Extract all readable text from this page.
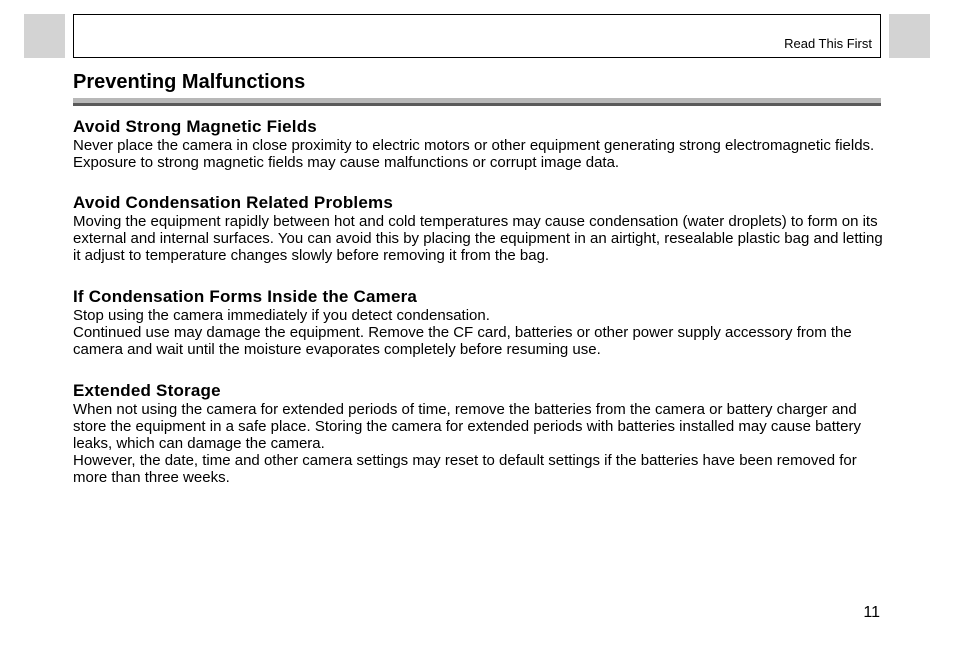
Read This First
Preventing Malfunctions
Avoid Strong Magnetic Fields

Never place the camera in close proximity to electric motors or other equipment generating strong electromagnetic fields. Exposure to strong magnetic fields may cause malfunctions or corrupt image data.

Avoid Condensation Related Problems

Moving the equipment rapidly between hot and cold temperatures may cause condensation (water droplets) to form on its external and internal surfaces. You can avoid this by placing the equipment in an airtight, resealable plastic bag and letting it adjust to temperature changes slowly before removing it from the bag.

If Condensation Forms Inside the Camera

Stop using the camera immediately if you detect condensation.

Continued use may damage the equipment. Remove the CF card, batteries or other power supply accessory from the camera and wait until the moisture evaporates completely before resuming use.

Extended Storage

When not using the camera for extended periods of time, remove the batteries from the camera or battery charger and store the equipment in a safe place. Storing the camera for extended periods with batteries installed may cause battery leaks, which can damage the camera.

However, the date, time and other camera settings may reset to default settings if the batteries have been removed for more than three weeks.

11
